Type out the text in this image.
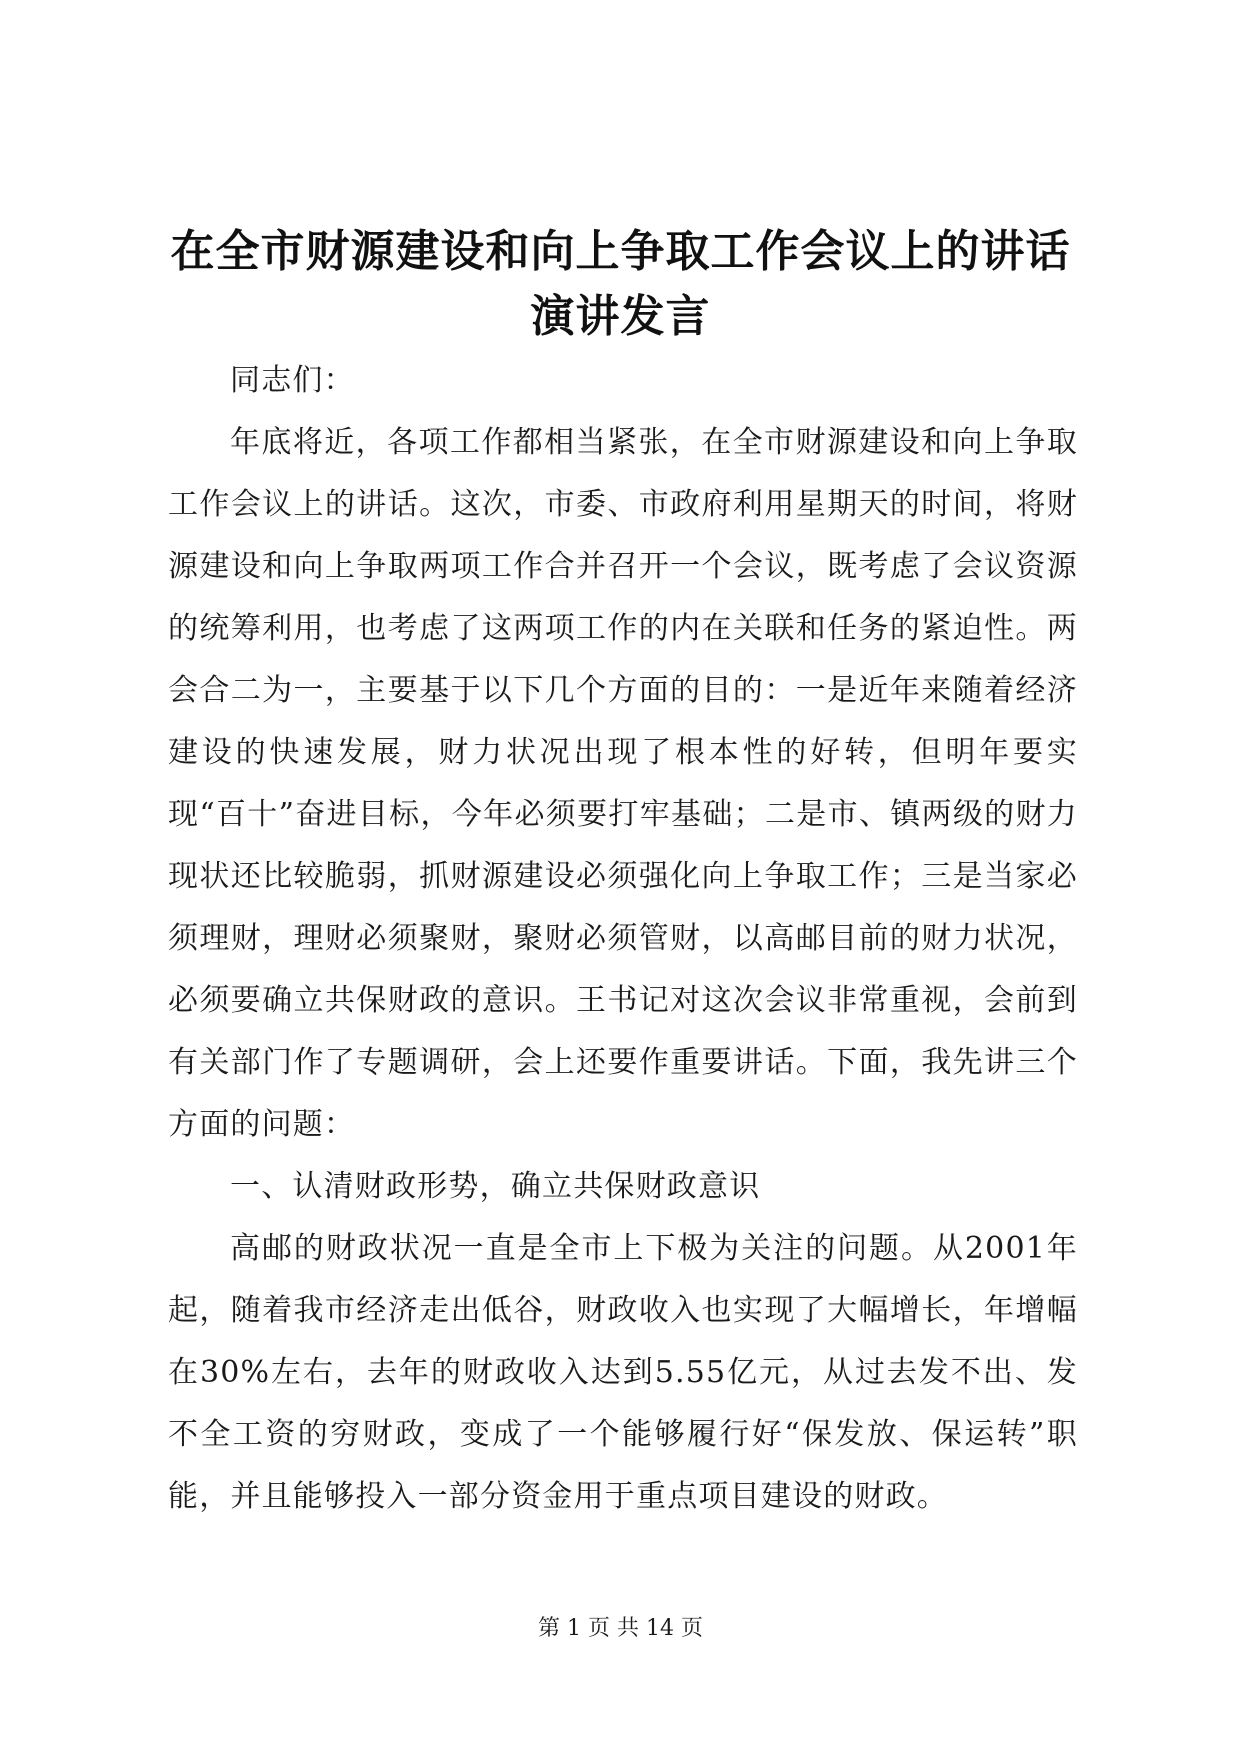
在全市财源建设和向上争取工作会议上的讲话
演讲发言

同志们：

年底将近，各项工作都相当紧张，在全市财源建设和向上争取工作会议上的讲话。这次，市委、市政府利用星期天的时间，将财源建设和向上争取两项工作合并召开一个会议，既考虑了会议资源的统筹利用，也考虑了这两项工作的内在关联和任务的紧迫性。两会合二为一，主要基于以下几个方面的目的：一是近年来随着经济建设的快速发展，财力状况出现了根本性的好转，但明年要实现“百十”奋进目标，今年必须要打牢基础；二是市、镇两级的财力现状还比较脆弱，抓财源建设必须强化向上争取工作；三是当家必须理财，理财必须聚财，聚财必须管财，以高邮目前的财力状况，必须要确立共保财政的意识。王书记对这次会议非常重视，会前到有关部门作了专题调研，会上还要作重要讲话。下面，我先讲三个方面的问题：

一、认清财政形势，确立共保财政意识

高邮的财政状况一直是全市上下极为关注的问题。从2001年起，随着我市经济走出低谷，财政收入也实现了大幅增长，年增幅在30%左右，去年的财政收入达到5.55亿元，从过去发不出、发不全工资的穷财政，变成了一个能够履行好“保发放、保运转”职能，并且能够投入一部分资金用于重点项目建设的财政。

第 1 页 共 14 页
